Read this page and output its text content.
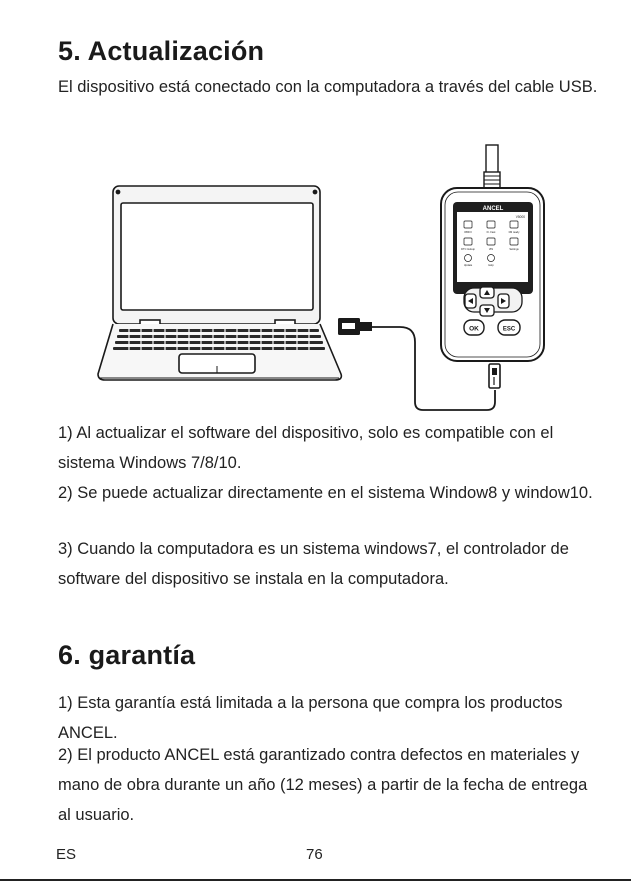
5. Actualización

El dispositivo está conectado con la computadora a través del cable USB.

ANCEL
V5000
OBD II	Fr. Fast	I/M ready
DTC lookup	VIN	Settings
Update	Help
OK	ESC

1) Al actualizar el software del dispositivo, solo es compatible con el sistema Windows 7/8/10.

2) Se puede actualizar directamente en el sistema Window8 y window10.

3) Cuando la computadora es un sistema windows7, el controlador de software del dispositivo se instala en la computadora.

6. garantía

1) Esta garantía está limitada a la persona que compra los productos ANCEL.

2) El producto ANCEL está garantizado contra defectos en materiales y mano de obra durante un año (12 meses) a partir de la fecha de entrega al usuario.

ES	76
